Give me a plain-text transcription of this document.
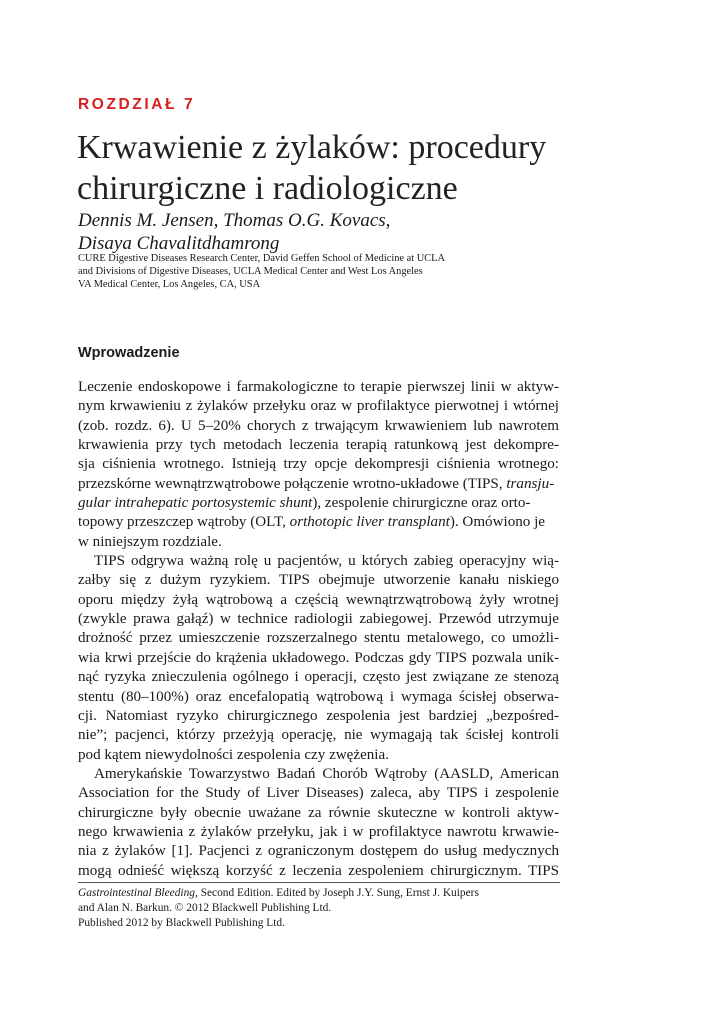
ROZDZIAŁ 7
Krwawienie z żylaków: procedury
chirurgiczne i radiologiczne
Dennis M. Jensen, Thomas O.G. Kovacs,
Disaya Chavalitdhamrong
CURE Digestive Diseases Research Center, David Geffen School of Medicine at UCLA
and Divisions of Digestive Diseases, UCLA Medical Center and West Los Angeles
VA Medical Center, Los Angeles, CA, USA
Wprowadzenie
Leczenie endoskopowe i farmakologiczne to terapie pierwszej linii w aktyw-
nym krwawieniu z żylaków przełyku oraz w profilaktyce pierwotnej i wtórnej
(zob. rozdz. 6). U 5–20% chorych z trwającym krwawieniem lub nawrotem
krwawienia przy tych metodach leczenia terapią ratunkową jest dekompre-
sja ciśnienia wrotnego. Istnieją trzy opcje dekompresji ciśnienia wrotnego:
przezskórne wewnątrzwątrobowe połączenie wrotno-układowe (TIPS, transju-
gular intrahepatic portosystemic shunt), zespolenie chirurgiczne oraz orto-
topowy przeszczep wątroby (OLT, orthotopic liver transplant). Omówiono je
w niniejszym rozdziale.
TIPS odgrywa ważną rolę u pacjentów, u których zabieg operacyjny wią-
załby się z dużym ryzykiem. TIPS obejmuje utworzenie kanału niskiego
oporu między żyłą wątrobową a częścią wewnątrzwątrobową żyły wrotnej
(zwykle prawa gałąź) w technice radiologii zabiegowej. Przewód utrzymuje
drożność przez umieszczenie rozszerzalnego stentu metalowego, co umożli-
wia krwi przejście do krążenia układowego. Podczas gdy TIPS pozwala unik-
nąć ryzyka znieczulenia ogólnego i operacji, często jest związane ze stenozą
stentu (80–100%) oraz encefalopatią wątrobową i wymaga ścisłej obserwa-
cji. Natomiast ryzyko chirurgicznego zespolenia jest bardziej „bezpośred-
nie”; pacjenci, którzy przeżyją operację, nie wymagają tak ścisłej kontroli
pod kątem niewydolności zespolenia czy zwężenia.
Amerykańskie Towarzystwo Badań Chorób Wątroby (AASLD, American
Association for the Study of Liver Diseases) zaleca, aby TIPS i zespolenie
chirurgiczne były obecnie uważane za równie skuteczne w kontroli aktyw-
nego krwawienia z żylaków przełyku, jak i w profilaktyce nawrotu krwawie-
nia z żylaków [1]. Pacjenci z ograniczonym dostępem do usług medycznych
mogą odnieść większą korzyść z leczenia zespoleniem chirurgicznym. TIPS
Gastrointestinal Bleeding, Second Edition. Edited by Joseph J.Y. Sung, Ernst J. Kuipers
and Alan N. Barkun. © 2012 Blackwell Publishing Ltd.
Published 2012 by Blackwell Publishing Ltd.
